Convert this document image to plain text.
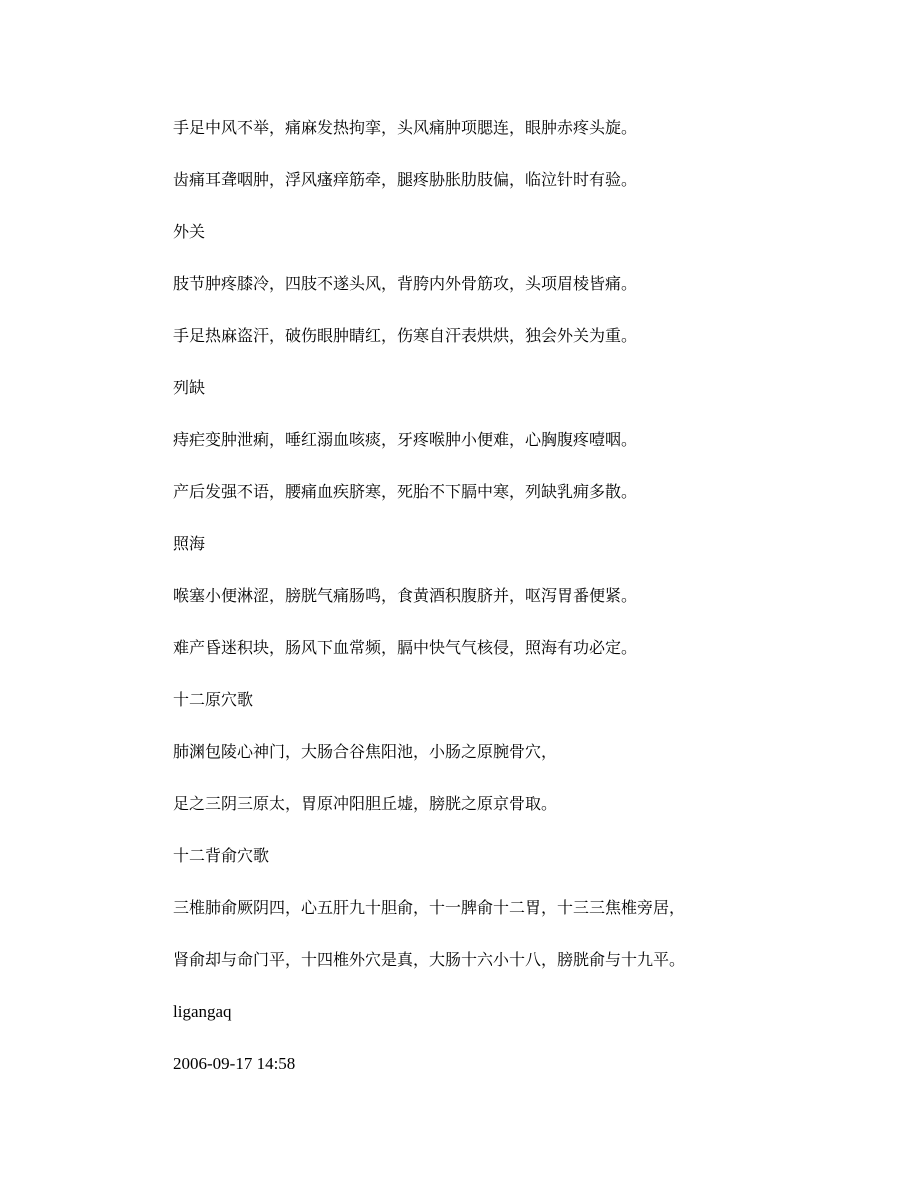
手足中风不举，痛麻发热拘挛，头风痛肿项腮连，眼肿赤疼头旋。

齿痛耳聋咽肿，浮风瘙痒筋牵，腿疼胁胀肋肢偏，临泣针时有验。

外关

肢节肿疼膝冷，四肢不遂头风，背胯内外骨筋攻，头项眉棱皆痛。

手足热麻盗汗，破伤眼肿睛红，伤寒自汗表烘烘，独会外关为重。

列缺

痔疟变肿泄痢，唾红溺血咳痰，牙疼喉肿小便难，心胸腹疼噎咽。

产后发强不语，腰痛血疾脐寒，死胎不下膈中寒，列缺乳痈多散。

照海

喉塞小便淋涩，膀胱气痛肠鸣，食黄酒积腹脐并，呕泻胃番便紧。

难产昏迷积块，肠风下血常频，膈中快气气核侵，照海有功必定。

十二原穴歌

肺渊包陵心神门，大肠合谷焦阳池，小肠之原腕骨穴，

足之三阴三原太，胃原冲阳胆丘墟，膀胱之原京骨取。

十二背俞穴歌

三椎肺俞厥阴四，心五肝九十胆俞，十一脾俞十二胃，十三三焦椎旁居，

肾俞却与命门平，十四椎外穴是真，大肠十六小十八，膀胱俞与十九平。

ligangaq

2006-09-17 14:58
